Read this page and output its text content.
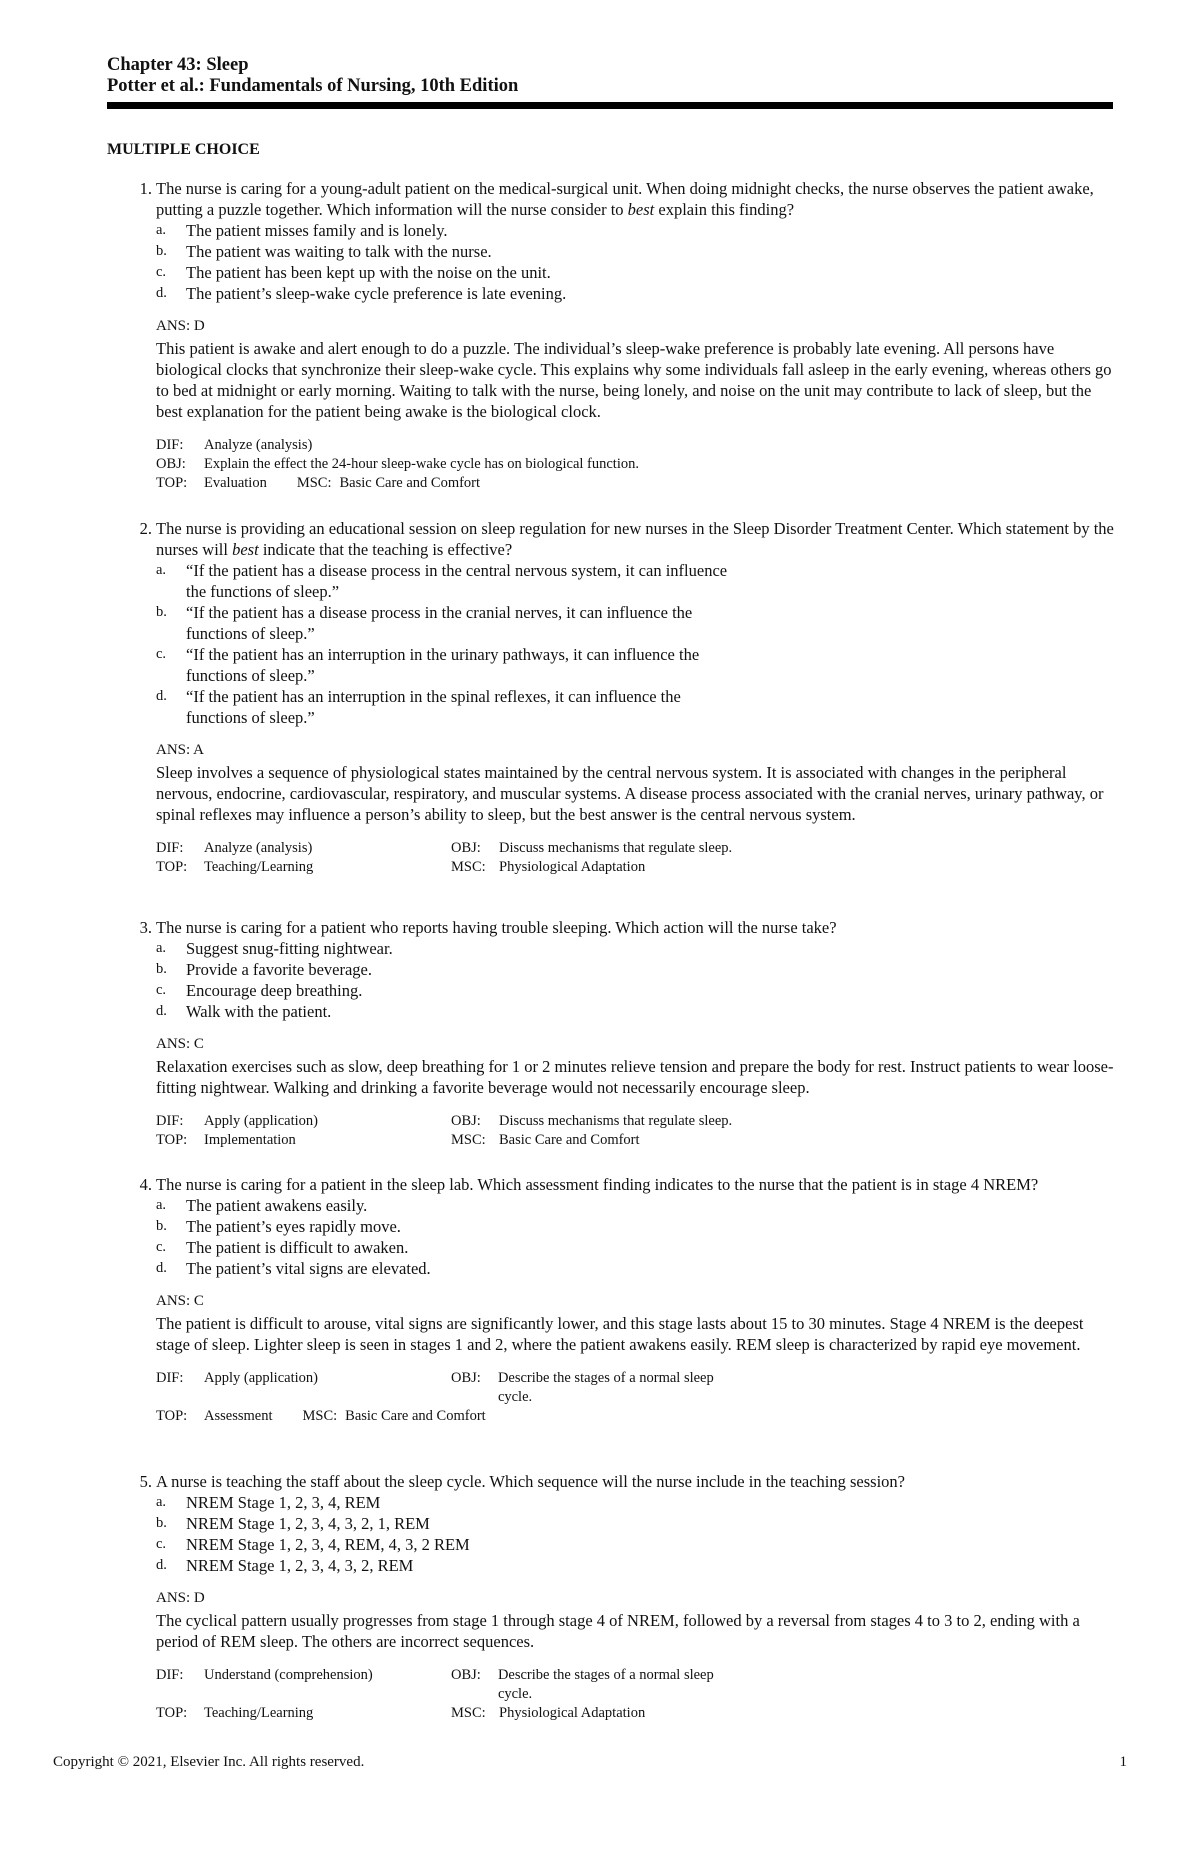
Chapter 43: Sleep
Potter et al.: Fundamentals of Nursing, 10th Edition
MULTIPLE CHOICE
1. The nurse is caring for a young-adult patient on the medical-surgical unit. When doing midnight checks, the nurse observes the patient awake, putting a puzzle together. Which information will the nurse consider to best explain this finding?
a. The patient misses family and is lonely.
b. The patient was waiting to talk with the nurse.
c. The patient has been kept up with the noise on the unit.
d. The patient’s sleep-wake cycle preference is late evening.
ANS: D
This patient is awake and alert enough to do a puzzle. The individual’s sleep-wake preference is probably late evening. All persons have biological clocks that synchronize their sleep-wake cycle. This explains why some individuals fall asleep in the early evening, whereas others go to bed at midnight or early morning. Waiting to talk with the nurse, being lonely, and noise on the unit may contribute to lack of sleep, but the best explanation for the patient being awake is the biological clock.
DIF:	Analyze (analysis)
OBJ:	Explain the effect the 24-hour sleep-wake cycle has on biological function.
TOP:	Evaluation MSC: Basic Care and Comfort
2. The nurse is providing an educational session on sleep regulation for new nurses in the Sleep Disorder Treatment Center. Which statement by the nurses will best indicate that the teaching is effective?
a. “If the patient has a disease process in the central nervous system, it can influence
the functions of sleep.”
b. “If the patient has a disease process in the cranial nerves, it can influence the
functions of sleep.”
c. “If the patient has an interruption in the urinary pathways, it can influence the
functions of sleep.”
d. “If the patient has an interruption in the spinal reflexes, it can influence the
functions of sleep.”
ANS: A
Sleep involves a sequence of physiological states maintained by the central nervous system. It is associated with changes in the peripheral nervous, endocrine, cardiovascular, respiratory, and muscular systems. A disease process associated with the cranial nerves, urinary pathway, or spinal reflexes may influence a person’s ability to sleep, but the best answer is the central nervous system.
DIF:	Analyze (analysis)	OBJ:	Discuss mechanisms that regulate sleep.
TOP:	Teaching/Learning	MSC: Physiological Adaptation
3. The nurse is caring for a patient who reports having trouble sleeping. Which action will the nurse take?
a. Suggest snug-fitting nightwear.
b. Provide a favorite beverage.
c. Encourage deep breathing.
d. Walk with the patient.
ANS: C
Relaxation exercises such as slow, deep breathing for 1 or 2 minutes relieve tension and prepare the body for rest. Instruct patients to wear loose-fitting nightwear. Walking and drinking a favorite beverage would not necessarily encourage sleep.
DIF:	Apply (application)	OBJ:	Discuss mechanisms that regulate sleep.
TOP:	Implementation	MSC: Basic Care and Comfort
4. The nurse is caring for a patient in the sleep lab. Which assessment finding indicates to the nurse that the patient is in stage 4 NREM?
a. The patient awakens easily.
b. The patient’s eyes rapidly move.
c. The patient is difficult to awaken.
d. The patient’s vital signs are elevated.
ANS: C
The patient is difficult to arouse, vital signs are significantly lower, and this stage lasts about 15 to 30 minutes. Stage 4 NREM is the deepest stage of sleep. Lighter sleep is seen in stages 1 and 2, where the patient awakens easily. REM sleep is characterized by rapid eye movement.
DIF:	Apply (application)	OBJ:	Describe the stages of a normal sleep cycle.
TOP:	Assessment MSC: Basic Care and Comfort
5. A nurse is teaching the staff about the sleep cycle. Which sequence will the nurse include in the teaching session?
a. NREM Stage 1, 2, 3, 4, REM
b. NREM Stage 1, 2, 3, 4, 3, 2, 1, REM
c. NREM Stage 1, 2, 3, 4, REM, 4, 3, 2 REM
d. NREM Stage 1, 2, 3, 4, 3, 2, REM
ANS: D
The cyclical pattern usually progresses from stage 1 through stage 4 of NREM, followed by a reversal from stages 4 to 3 to 2, ending with a period of REM sleep. The others are incorrect sequences.
DIF:	Understand (comprehension)	OBJ:	Describe the stages of a normal sleep cycle.
TOP:	Teaching/Learning	MSC: Physiological Adaptation
Copyright © 2021, Elsevier Inc. All rights reserved.	1
